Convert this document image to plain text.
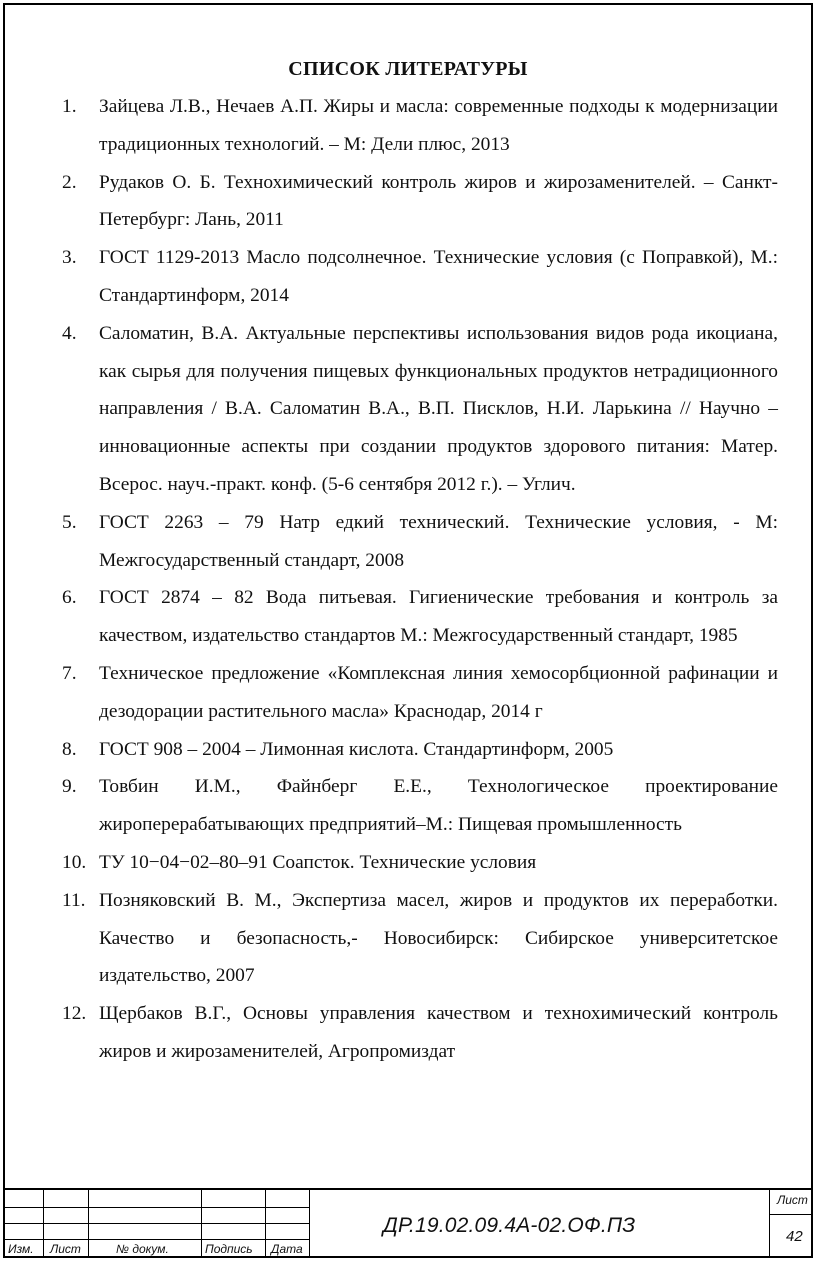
СПИСОК ЛИТЕРАТУРЫ
1. Зайцева Л.В., Нечаев А.П. Жиры и масла: современные подходы к модернизации традиционных технологий. – М: Дели плюс, 2013
2. Рудаков О. Б. Технохимический контроль жиров и жирозаменителей. – Санкт-Петербург: Лань, 2011
3. ГОСТ 1129-2013 Масло подсолнечное. Технические условия (с Поправкой), М.: Стандартинформ, 2014
4. Саломатин, В.А. Актуальные перспективы использования видов рода икоциана, как сырья для получения пищевых функциональных продуктов нетрадиционного направления / В.А. Саломатин В.А., В.П. Писклов, Н.И. Ларькина // Научно – инновационные аспекты при создании продуктов здорового питания: Матер. Всерос. науч.-практ. конф. (5-6 сентября 2012 г.). – Углич.
5. ГОСТ 2263 – 79 Натр едкий технический. Технические условия, - М: Межгосударственный стандарт, 2008
6. ГОСТ 2874 – 82 Вода питьевая. Гигиенические требования и контроль за качеством, издательство стандартов М.: Межгосударственный стандарт, 1985
7. Техническое предложение «Комплексная линия хемосорбционной рафинации и дезодорации растительного масла» Краснодар, 2014 г
8. ГОСТ 908 – 2004 – Лимонная кислота. Стандартинформ, 2005
9. Товбин И.М., Файнберг Е.Е., Технологическое проектирование жироперерабатывающих предприятий–М.: Пищевая промышленность
10. ТУ 10−04−02–80–91 Соапсток. Технические условия
11. Позняковский В. М., Экспертиза масел, жиров и продуктов их переработки. Качество и безопасность,- Новосибирск: Сибирское университетское издательство, 2007
12. Щербаков В.Г., Основы управления качеством и технохимический контроль жиров и жирозаменителей, Агропромиздат
Изм. Лист	№ докум.	Подпись Дата
ДР.19.02.09.4А-02.ОФ.ПЗ
Лист
42
